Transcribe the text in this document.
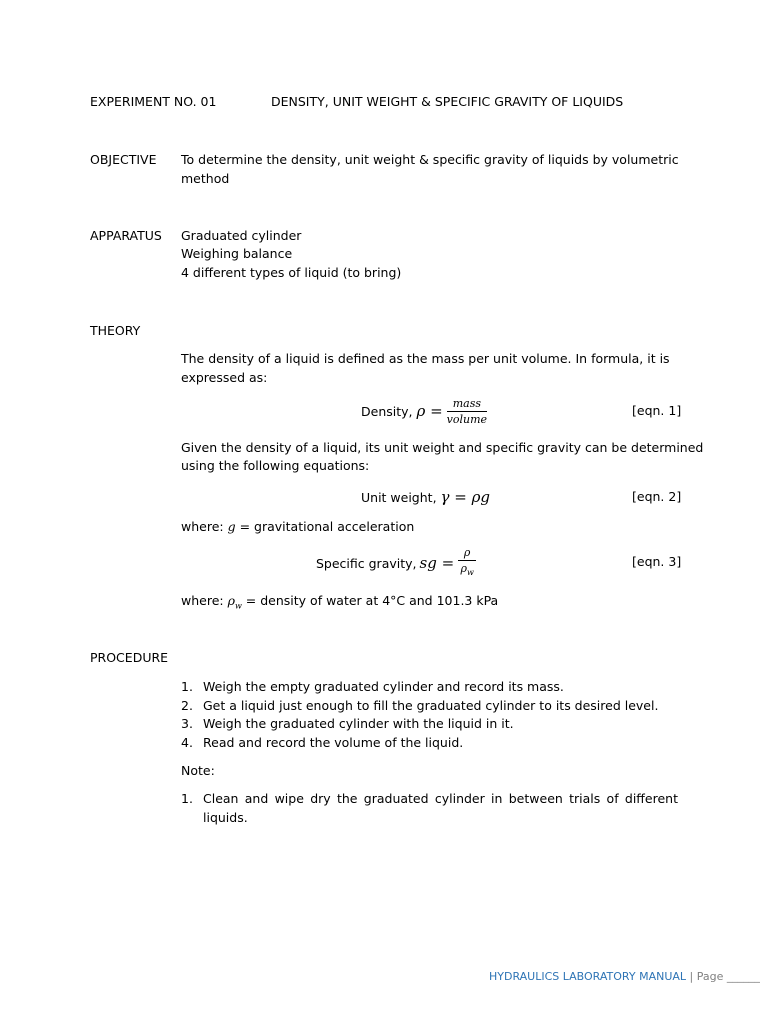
EXPERIMENT NO. 01	DENSITY, UNIT WEIGHT & SPECIFIC GRAVITY OF LIQUIDS
OBJECTIVE To determine the density, unit weight & specific gravity of liquids by volumetric
method
APPARATUS Graduated cylinder
Weighing balance
4 different types of liquid (to bring)
THEORY
The density of a liquid is defined as the mass per unit volume. In formula, it is
expressed as:
Density, $\rho = \frac{\text{mass}}{\text{volume}}$	[eqn. 1]
Given the density of a liquid, its unit weight and specific gravity can be determined
using the following equations:
Unit weight, γ = ρg	[eqn. 2]
where: g = gravitational acceleration
Specific gravity, sg = $\frac{\rho}{\rho_w}$	[eqn. 3]
where: $\rho_w$ = density of water at 4°C and 101.3 kPa
PROCEDURE
1. Weigh the empty graduated cylinder and record its mass.
2. Get a liquid just enough to fill the graduated cylinder to its desired level.
3. Weigh the graduated cylinder with the liquid in it.
4. Read and record the volume of the liquid.
Note:
1. Clean and wipe dry the graduated cylinder in between trials of different
liquids.
HYDRAULICS LABORATORY MANUAL | Page ______
